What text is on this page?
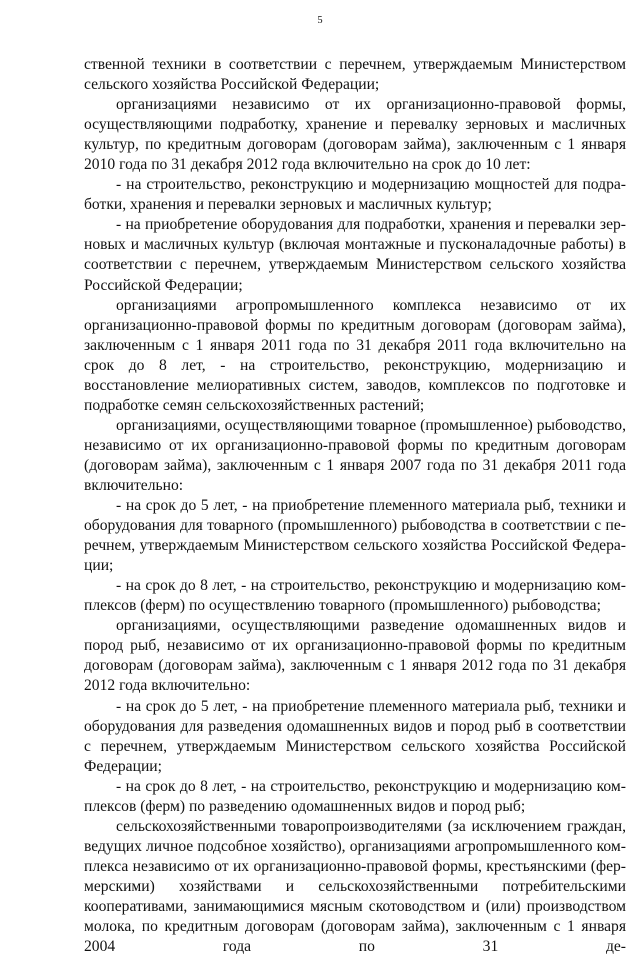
5

ственной техники в соответствии с перечнем, утверждаемым Министерством сельского хозяйства Российской Федерации;

организациями независимо от их организационно-правовой формы, осуществляющими подработку, хранение и перевалку зерновых и масличных культур, по кредитным договорам (договорам займа), заключенным с 1 января 2010 года по 31 декабря 2012 года включительно на срок до 10 лет:

- на строительство, реконструкцию и модернизацию мощностей для подработки, хранения и перевалки зерновых и масличных культур;

- на приобретение оборудования для подработки, хранения и перевалки зерновых и масличных культур (включая монтажные и пусконаладочные работы) в соответствии с перечнем, утверждаемым Министерством сельского хозяйства Российской Федерации;

организациями агропромышленного комплекса независимо от их организационно-правовой формы по кредитным договорам (договорам займа), заключенным с 1 января 2011 года по 31 декабря 2011 года включительно на срок до 8 лет, - на строительство, реконструкцию, модернизацию и восстановление мелиоративных систем, заводов, комплексов по подготовке и подработке семян сельскохозяйственных растений;

организациями, осуществляющими товарное (промышленное) рыбоводство, независимо от их организационно-правовой формы по кредитным договорам (договорам займа), заключенным с 1 января 2007 года по 31 декабря 2011 года включительно:

- на срок до 5 лет, - на приобретение племенного материала рыб, техники и оборудования для товарного (промышленного) рыбоводства в соответствии с перечнем, утверждаемым Министерством сельского хозяйства Российской Федерации;

- на срок до 8 лет, - на строительство, реконструкцию и модернизацию комплексов (ферм) по осуществлению товарного (промышленного) рыбоводства;

организациями, осуществляющими разведение одомашненных видов и пород рыб, независимо от их организационно-правовой формы по кредитным договорам (договорам займа), заключенным с 1 января 2012 года по 31 декабря 2012 года включительно:

- на срок до 5 лет, - на приобретение племенного материала рыб, техники и оборудования для разведения одомашненных видов и пород рыб в соответствии с перечнем, утверждаемым Министерством сельского хозяйства Российской Федерации;

- на срок до 8 лет, - на строительство, реконструкцию и модернизацию комплексов (ферм) по разведению одомашненных видов и пород рыб;

сельскохозяйственными товаропроизводителями (за исключением граждан, ведущих личное подсобное хозяйство), организациями агропромышленного комплекса независимо от их организационно-правовой формы, крестьянскими (фермерскими) хозяйствами и сельскохозяйственными потребительскими кооперативами, занимающимися мясным скотоводством и (или) производством молока, по кредитным договорам (договорам займа), заключенным с 1 января 2004 года по 31 де-
